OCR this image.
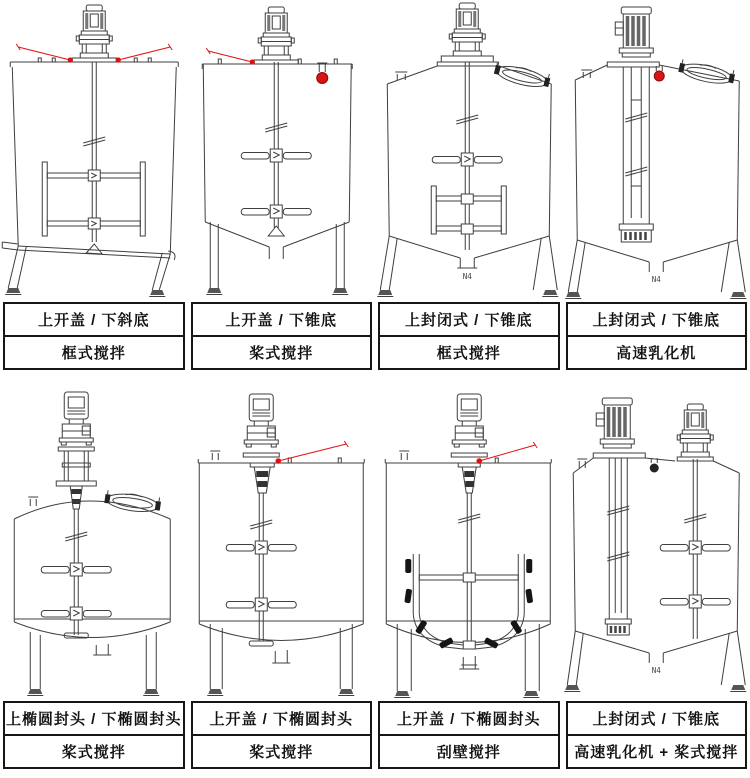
上开盖 / 下斜底
框式搅拌
上开盖 / 下锥底
桨式搅拌
N4
上封闭式 / 下锥底
框式搅拌
N4
上封闭式 / 下锥底
高速乳化机
上椭圆封头 / 下椭圆封头
桨式搅拌
上开盖 / 下椭圆封头
桨式搅拌
上开盖 / 下椭圆封头
刮壁搅拌
N4
上封闭式 / 下锥底
高速乳化机 + 桨式搅拌
